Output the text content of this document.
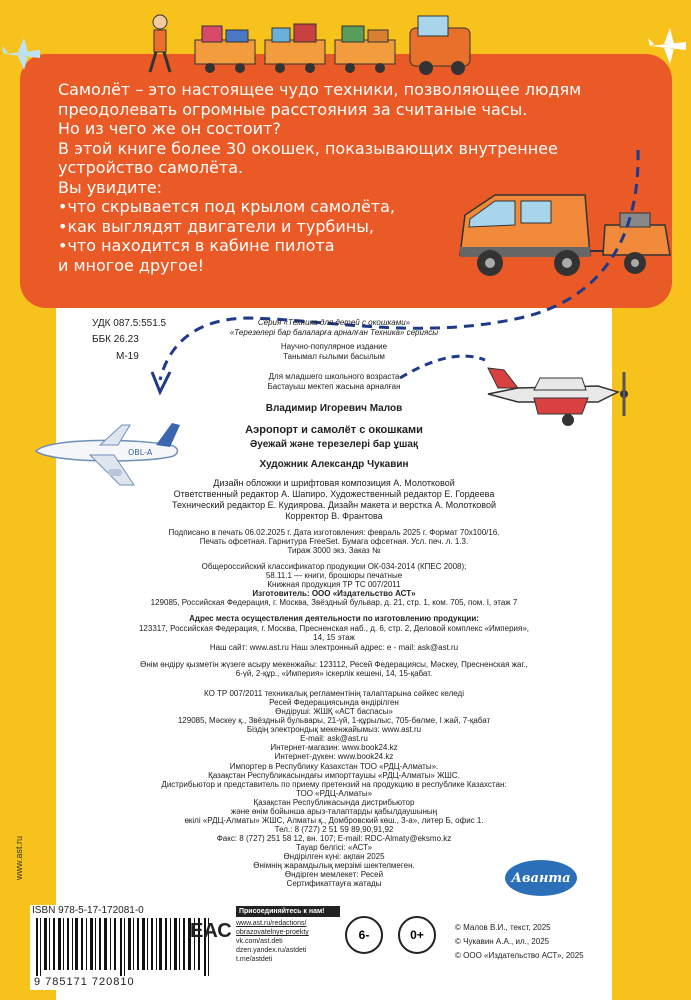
Самолёт – это настоящее чудо техники, позволяющее людям
преодолевать огромные расстояния за считаные часы.
Но из чего же он состоит?
В этой книге более 30 окошек, показывающих внутреннее
устройство самолёта.
Вы увидите:
•что скрывается под крылом самолёта,
•как выглядят двигатели и турбины,
•что находится в кабине пилота
и многое другое!
УДК 087.5:551.5
ББК 26.23
М-19
Серия «Техника для детей с окошками»
«Терезелері бар балаларға арналған Техника» сериясы
Научно-популярное издание
Танымал ғылыми басылым
Для младшего школьного возраста
Бастауыш мектеп жасына арналған
Владимир Игоревич Малов
Аэропорт и самолёт с окошками
Әуежай және терезелері бар ұшақ
Художник Александр Чукавин
Дизайн обложки и шрифтовая композиция А. Молотковой
Ответственный редактор А. Шапиро. Художественный редактор Е. Гордеева
Технический редактор Е. Кудиярова. Дизайн макета и верстка А. Молотковой
Корректор В. Франтова
Подписано в печать 06.02.2025 г. Дата изготовления: февраль 2025 г. Формат 70х100/16.
Печать офсетная. Гарнитура FreeSet. Бумага офсетная. Усл. печ. л. 1.3.
Тираж 3000 экз. Заказ №
Общероссийский классификатор продукции ОК-034-2014 (КПЕС 2008);
58.11.1 — книги, брошюры печатные
Книжная продукция ТР ТС 007/2011
Изготовитель: ООО «Издательство АСТ»
129085, Российская Федерация, г. Москва, Звёздный бульвар, д. 21, стр. 1, ком. 705, пом. I, этаж 7
Адрес места осуществления деятельности по изготовлению продукции:
123317, Российская Федерация, г. Москва, Пресненская наб., д. 6, стр. 2, Деловой комплекс «Империя»,
14, 15 этаж
Наш сайт: www.ast.ru Наш электронный адрес: e - mail: ask@ast.ru
Өнім өндіру қызметін жүзеге асыру мекенжайы: 123112, Ресей Федерациясы, Мәскеу, Пресненская жаг.,
6-үй, 2-құр., «Империя» іскерлік кешені, 14, 15-қабат.
КО ТР 007/2011 техникалық регламентінің талаптарына сәйкес келеді
Ресей Федерациясында өндірілген
Өндіруші: ЖШҚ «АСТ баспасы»
129085, Мәскеу қ., Звёздный бульвары, 21-үй, 1-құрылыс, 705-бөлме, I жай, 7-қабат
Біздің электрондық мекенжайымыз: www.ast.ru
E-mail: ask@ast.ru
Интернет-магазин: www.book24.kz
Интернет-дүкен: www.book24.kz
Импортер в Республику Казахстан ТОО «РДЦ-Алматы».
Қазақстан Республикасындағы импорттаушы «РДЦ-Алматы» ЖШС.
Дистрибьютор и представитель по приему претензий на продукцию в республике Казахстан:
ТОО «РДЦ-Алматы»
Қазақстан Республикасында дистрибьютор
және өнім бойынша арыз-талаптарды қабылдаушының
өкілі «РДЦ-Алматы» ЖШС, Алматы қ., Домбровский көш., 3-а», литер Б, офис 1.
Тел.: 8 (727) 2 51 59 89,90,91,92
Факс: 8 (727) 251 58 12, вн. 107; E-mail: RDC-Almaty@eksmo.kz
Тауар белгісі: «АСТ»
Өндірілген күні: ақпан 2025
Өнімнің жарамдылық мерзімі шектелмеген.
Өндірген мемлекет: Ресей
Сертификаттауға жатады
OBL-A
www.ast.ru
ISBN 978-5-17-172081-0
9 785171 720810
ЕАС
Присоединяйтесь к нам!
www.ast.ru/redactions/
obrazovatelnye-proekty
vk.com/ast.deti
dzen.yandex.ru/astdeti
t.me/astdeti
6-	0+
Аванта
© Малов В.И., текст, 2025
© Чукавин А.А., ил., 2025
© ООО «Издательство АСТ», 2025
